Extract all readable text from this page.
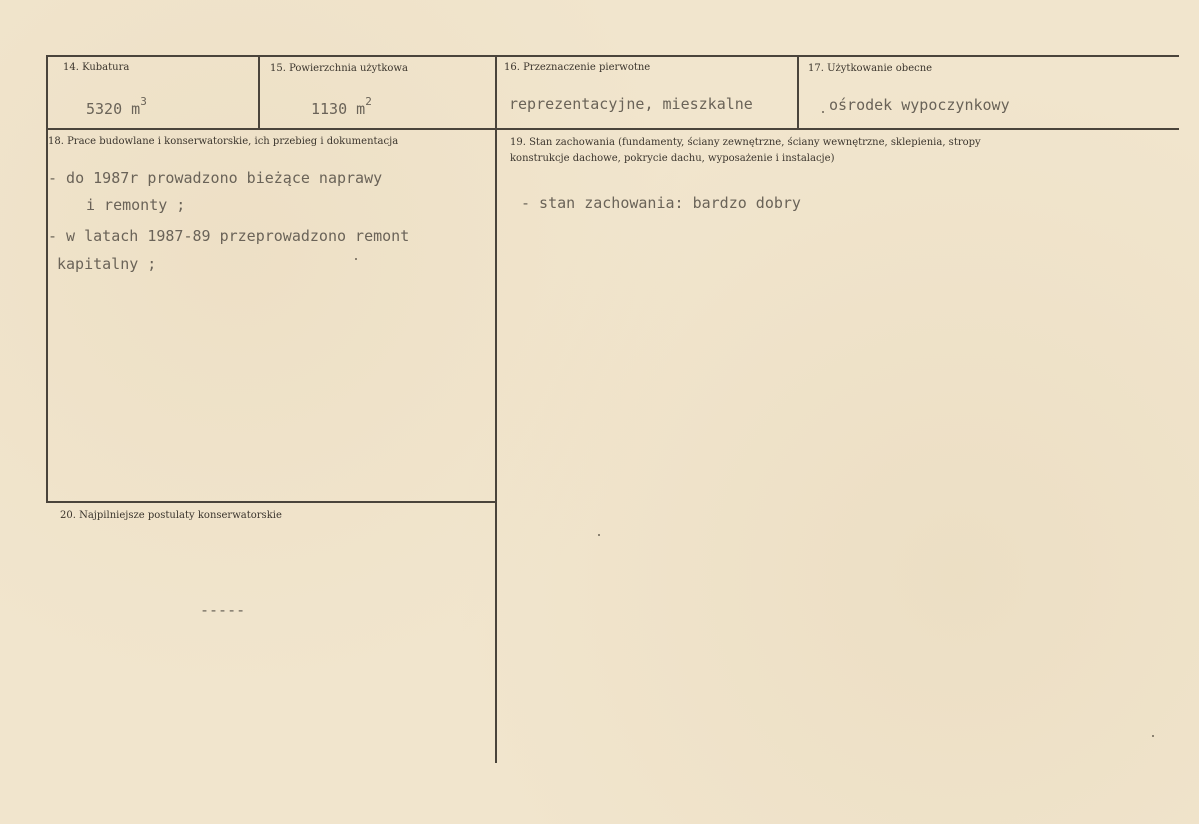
14. Kubatura
5320 $m^3$
15. Powierzchnia użytkowa
1130 $m^2$
16. Przeznaczenie pierwotne
reprezentacyjne, mieszkalne
17. Użytkowanie obecne
ośrodek wypoczynkowy
18. Prace budowlane i konserwatorskie, ich przebieg i dokumentacja
- do 1987r prowadzono bieżące naprawy
i remonty ;
- w latach 1987-89 przeprowadzono remont
kapitalny ;
19. Stan zachowania (fundamenty, ściany zewnętrzne, ściany wewnętrzne, sklepienia, stropy
konstrukcje dachowe, pokrycie dachu, wyposażenie i instalacje)
- stan zachowania: bardzo dobry
20. Najpilniejsze postulaty konserwatorskie
-----
